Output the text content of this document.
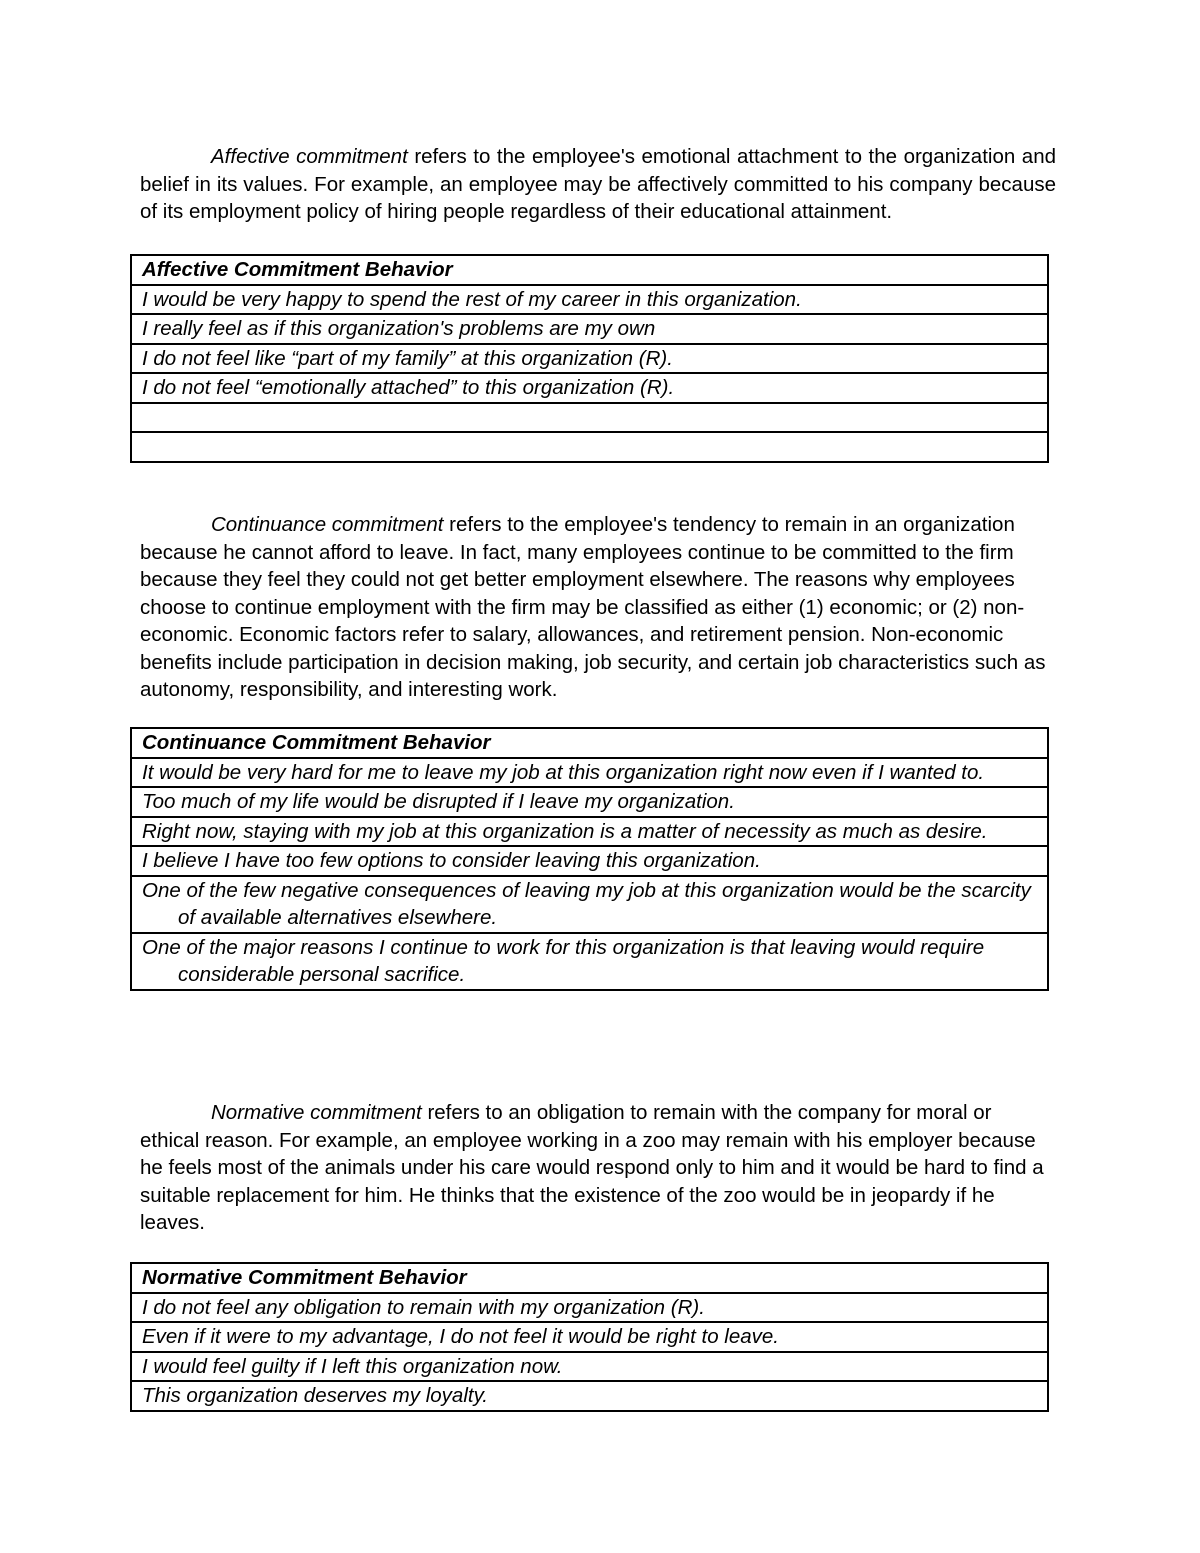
Affective commitment refers to the employee's emotional attachment to the organization and belief in its values. For example, an employee may be affectively committed to his company because of its employment policy of hiring people regardless of their educational attainment.

Affective Commitment Behavior
I would be very happy to spend the rest of my career in this organization.
I really feel as if this organization's problems are my own
I do not feel like “part of my family” at this organization (R).
I do not feel “emotionally attached” to this organization (R).

Continuance commitment refers to the employee's tendency to remain in an organization because he cannot afford to leave. In fact, many employees continue to be committed to the firm because they feel they could not get better employment elsewhere. The reasons why employees choose to continue employment with the firm may be classified as either (1) economic; or (2) non-economic. Economic factors refer to salary, allowances, and retirement pension. Non-economic benefits include participation in decision making, job security, and certain job characteristics such as autonomy, responsibility, and interesting work.

Continuance Commitment Behavior
It would be very hard for me to leave my job at this organization right now even if I wanted to.
Too much of my life would be disrupted if I leave my organization.
Right now, staying with my job at this organization is a matter of necessity as much as desire.
I believe I have too few options to consider leaving this organization.
One of the few negative consequences of leaving my job at this organization would be the scarcity of available alternatives elsewhere.
One of the major reasons I continue to work for this organization is that leaving would require considerable personal sacrifice.

Normative commitment refers to an obligation to remain with the company for moral or ethical reason. For example, an employee working in a zoo may remain with his employer because he feels most of the animals under his care would respond only to him and it would be hard to find a suitable replacement for him. He thinks that the existence of the zoo would be in jeopardy if he leaves.

Normative Commitment Behavior
I do not feel any obligation to remain with my organization (R).
Even if it were to my advantage, I do not feel it would be right to leave.
I would feel guilty if I left this organization now.
This organization deserves my loyalty.
